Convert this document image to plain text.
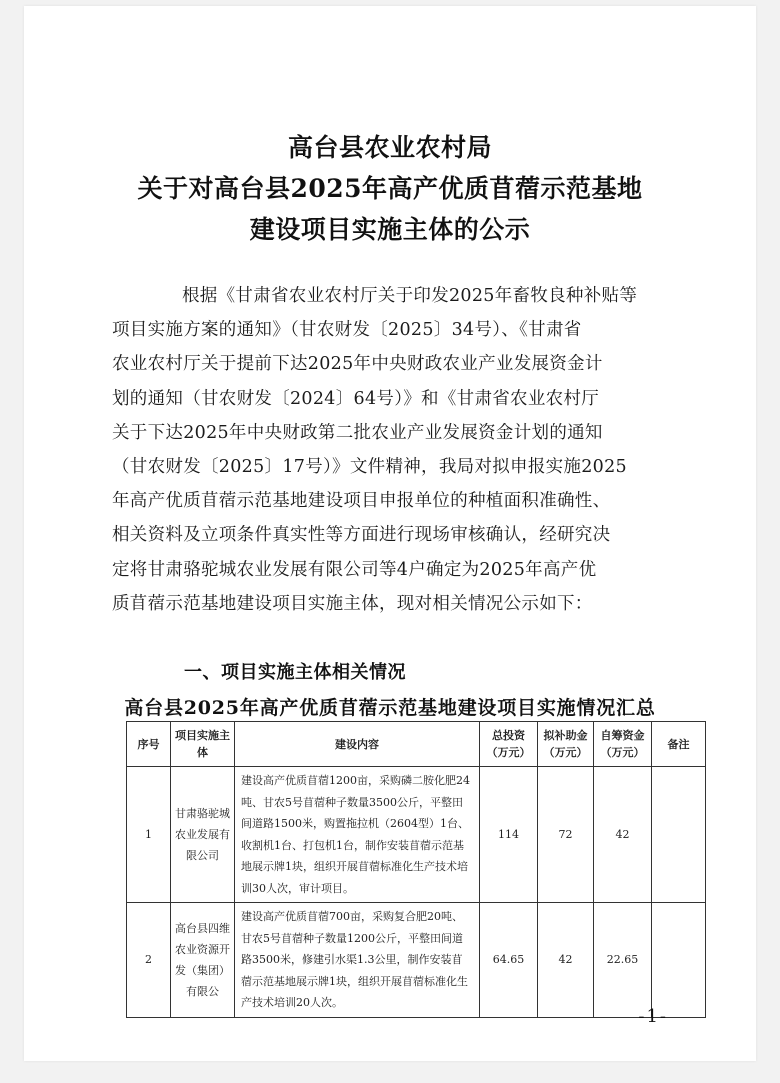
高台县农业农村局
关于对高台县2025年高产优质苜蓿示范基地
建设项目实施主体的公示
根据《甘肃省农业农村厅关于印发2025年畜牧良种补贴等
项目实施方案的通知》（甘农财发〔2025〕34号）、《甘肃省
农业农村厅关于提前下达2025年中央财政农业产业发展资金计
划的通知（甘农财发〔2024〕64号）》和《甘肃省农业农村厅
关于下达2025年中央财政第二批农业产业发展资金计划的通知
（甘农财发〔2025〕17号）》文件精神，我局对拟申报实施2025
年高产优质苜蓿示范基地建设项目申报单位的种植面积准确性、
相关资料及立项条件真实性等方面进行现场审核确认，经研究决
定将甘肃骆驼城农业发展有限公司等4户确定为2025年高产优
质苜蓿示范基地建设项目实施主体，现对相关情况公示如下：
一、项目实施主体相关情况
高台县2025年高产优质苜蓿示范基地建设项目实施情况汇总
序号	项目实施主体	建设内容	总投资（万元）	拟补助金（万元）	自筹资金（万元）	备注
1	甘肃骆驼城农业发展有限公司	建设高产优质苜蓿1200亩，采购磷二胺化肥24吨、甘农5号苜蓿种子数量3500公斤，平整田间道路1500米，购置拖拉机（2604型）1台、收割机1台、打包机1台，制作安装苜蓿示范基地展示牌1块，组织开展苜蓿标准化生产技术培训30人次，审计项目。	114	72	42	
2	高台县四维农业资源开发（集团）有限公	建设高产优质苜蓿700亩，采购复合肥20吨、甘农5号苜蓿种子数量1200公斤，平整田间道路3500米，修建引水渠1.3公里，制作安装苜蓿示范基地展示牌1块，组织开展苜蓿标准化生产技术培训20人次。	64.65	42	22.65	
-1-
